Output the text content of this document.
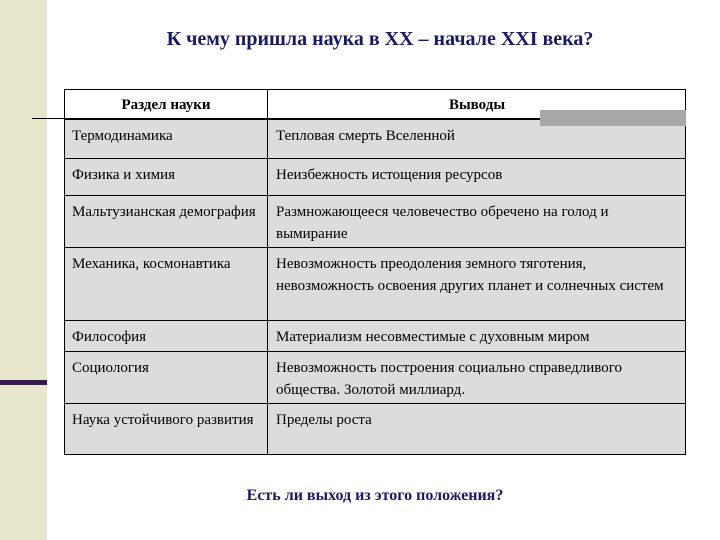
К чему пришла наука в XX – начале XXI века?
Раздел науки	Выводы
Термодинамика	Тепловая смерть Вселенной
Физика и химия	Неизбежность истощения ресурсов
Мальтузианская демография	Размножающееся человечество обречено на голод и вымирание
Механика, космонавтика	Невозможность преодоления земного тяготения, невозможность освоения других планет и солнечных систем
Философия	Материализм несовместимые с духовным миром
Социология	Невозможность построения социально справедливого общества. Золотой миллиард.
Наука устойчивого развития	Пределы роста
Есть ли выход из этого положения?
